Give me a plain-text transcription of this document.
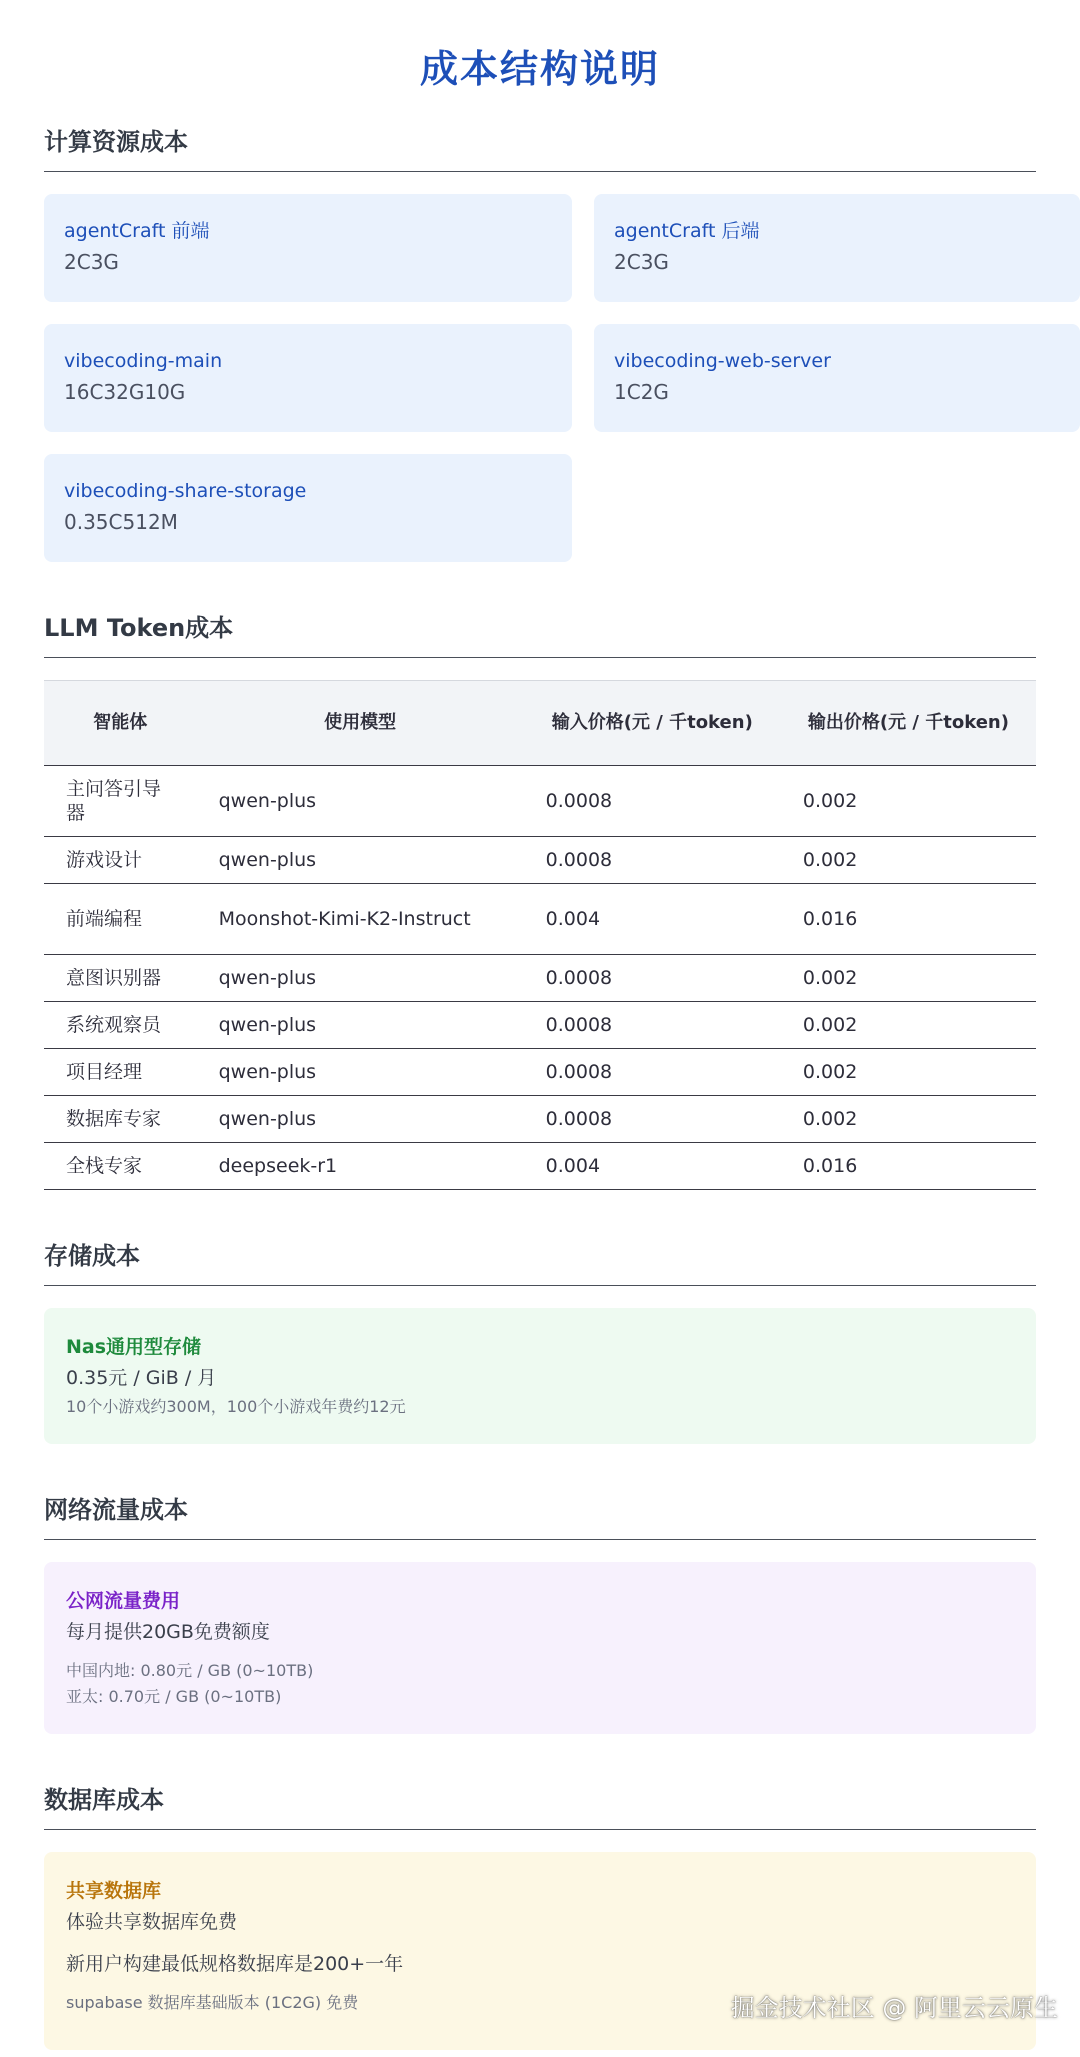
成本结构说明
计算资源成本
agentCraft 前端
2C3G
agentCraft 后端
2C3G
vibecoding-main
16C32G10G
vibecoding-web-server
1C2G
vibecoding-share-storage
0.35C512M
LLM Token成本
智能体	使用模型	输入价格(元 / 千token)	输出价格(元 / 千token)
主问答引导器	qwen-plus	0.0008	0.002
游戏设计	qwen-plus	0.0008	0.002
前端编程	Moonshot-Kimi-K2-Instruct	0.004	0.016
意图识别器	qwen-plus	0.0008	0.002
系统观察员	qwen-plus	0.0008	0.002
项目经理	qwen-plus	0.0008	0.002
数据库专家	qwen-plus	0.0008	0.002
全栈专家	deepseek-r1	0.004	0.016
存储成本
Nas通用型存储
0.35元 / GiB / 月
10个小游戏约300M，100个小游戏年费约12元
网络流量成本
公网流量费用
每月提供20GB免费额度
中国内地: 0.80元 / GB (0~10TB)
亚太: 0.70元 / GB (0~10TB)
数据库成本
共享数据库
体验共享数据库免费
新用户构建最低规格数据库是200+一年
supabase 数据库基础版本 (1C2G) 免费	掘金技术社区 @ 阿里云云原生
